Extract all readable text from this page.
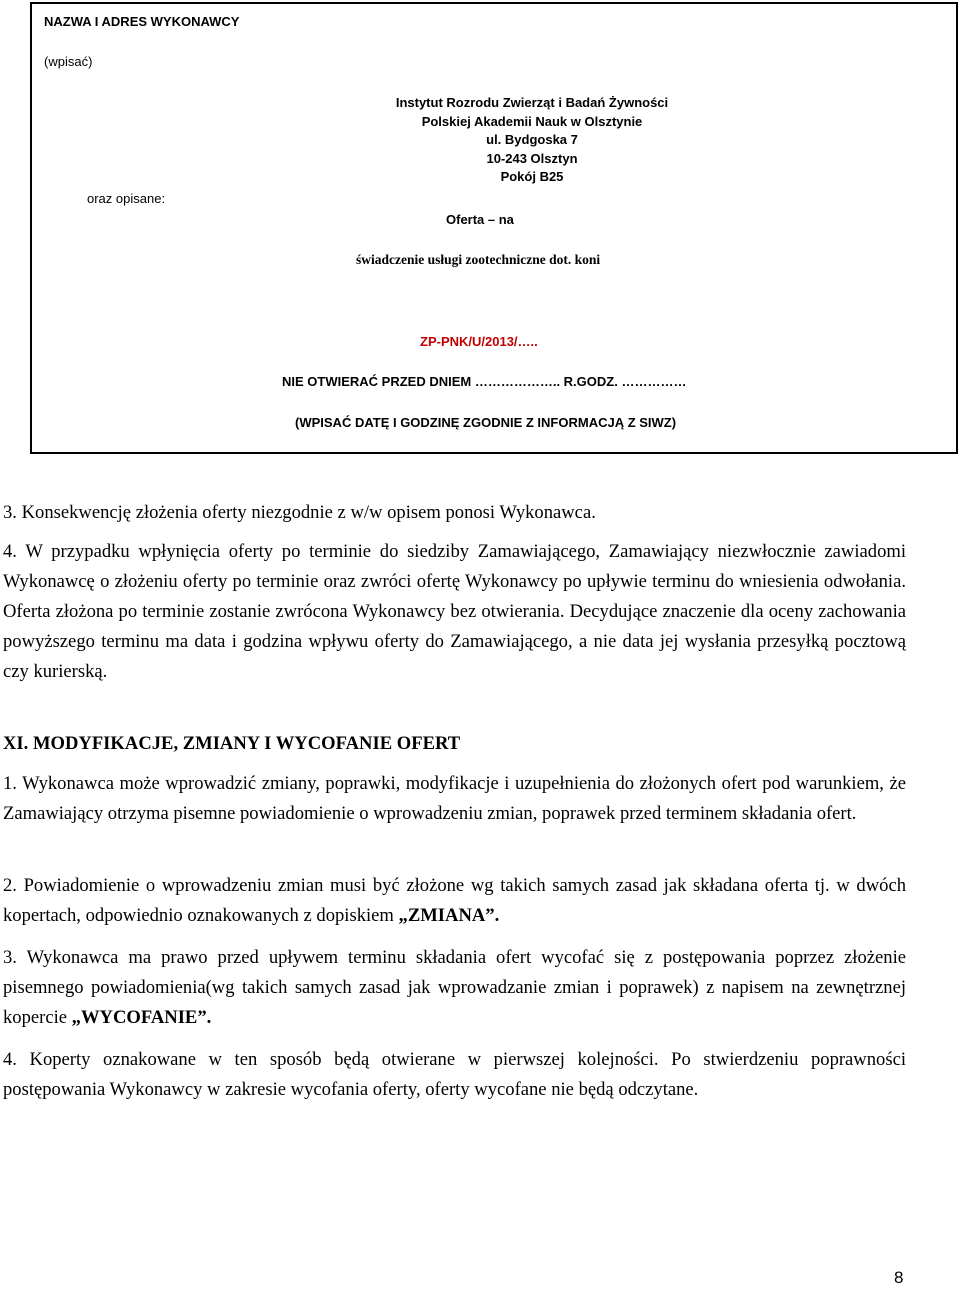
NAZWA I ADRES WYKONAWCY
(wpisać)
oraz opisane:
Instytut Rozrodu Zwierząt i Badań Żywności
Polskiej Akademii Nauk w Olsztynie
ul. Bydgoska 7
10-243 Olsztyn
Pokój B25
Oferta – na
świadczenie usługi zootechniczne dot. koni
ZP-PNK/U/2013/…..
NIE OTWIERAĆ PRZED DNIEM ……………….. R.GODZ. ……………
(WPISAĆ DATĘ I GODZINĘ ZGODNIE Z INFORMACJĄ Z SIWZ)
3. Konsekwencję złożenia oferty niezgodnie z w/w opisem ponosi Wykonawca.
4. W przypadku wpłynięcia oferty po terminie do siedziby Zamawiającego, Zamawiający niezwłocznie zawiadomi Wykonawcę o złożeniu oferty po terminie oraz zwróci ofertę Wykonawcy po upływie terminu do wniesienia odwołania. Oferta złożona po terminie zostanie zwrócona Wykonawcy bez otwierania. Decydujące znaczenie dla oceny zachowania powyższego terminu ma data i godzina wpływu oferty do Zamawiającego, a nie data jej wysłania przesyłką pocztową czy kurierską.
XI. MODYFIKACJE, ZMIANY I WYCOFANIE OFERT
1. Wykonawca może wprowadzić zmiany, poprawki, modyfikacje i uzupełnienia do złożonych ofert pod warunkiem, że Zamawiający otrzyma pisemne powiadomienie o wprowadzeniu zmian, poprawek przed terminem składania ofert.
2. Powiadomienie o wprowadzeniu zmian musi być złożone wg takich samych zasad jak składana oferta tj. w dwóch kopertach, odpowiednio oznakowanych z dopiskiem „ZMIANA”.
3. Wykonawca ma prawo przed upływem terminu składania ofert wycofać się z postępowania poprzez złożenie pisemnego powiadomienia(wg takich samych zasad jak wprowadzanie zmian i poprawek) z napisem na zewnętrznej kopercie „WYCOFANIE”.
4. Koperty oznakowane w ten sposób będą otwierane w pierwszej kolejności. Po stwierdzeniu poprawności postępowania Wykonawcy w zakresie wycofania oferty, oferty wycofane nie będą odczytane.
8
